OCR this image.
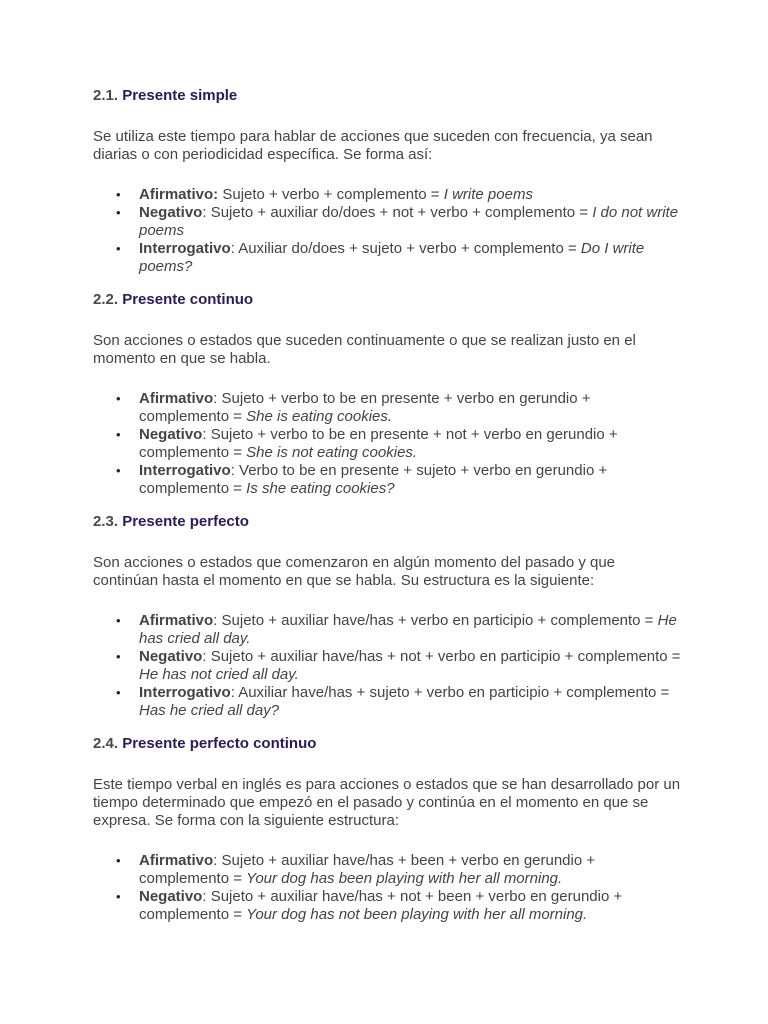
2.1. Presente simple

Se utiliza este tiempo para hablar de acciones que suceden con frecuencia, ya sean diarias o con periodicidad específica. Se forma así:

• Afirmativo: Sujeto + verbo + complemento = I write poems
• Negativo: Sujeto + auxiliar do/does + not + verbo + complemento = I do not write poems
• Interrogativo: Auxiliar do/does + sujeto + verbo + complemento = Do I write poems?

2.2. Presente continuo

Son acciones o estados que suceden continuamente o que se realizan justo en el momento en que se habla.

• Afirmativo: Sujeto + verbo to be en presente + verbo en gerundio + complemento = She is eating cookies.
• Negativo: Sujeto + verbo to be en presente + not + verbo en gerundio + complemento = She is not eating cookies.
• Interrogativo: Verbo to be en presente + sujeto + verbo en gerundio + complemento = Is she eating cookies?

2.3. Presente perfecto

Son acciones o estados que comenzaron en algún momento del pasado y que continúan hasta el momento en que se habla. Su estructura es la siguiente:

• Afirmativo: Sujeto + auxiliar have/has + verbo en participio + complemento = He has cried all day.
• Negativo: Sujeto + auxiliar have/has + not + verbo en participio + complemento = He has not cried all day.
• Interrogativo: Auxiliar have/has + sujeto + verbo en participio + complemento = Has he cried all day?

2.4. Presente perfecto continuo

Este tiempo verbal en inglés es para acciones o estados que se han desarrollado por un tiempo determinado que empezó en el pasado y continúa en el momento en que se expresa. Se forma con la siguiente estructura:

• Afirmativo: Sujeto + auxiliar have/has + been + verbo en gerundio + complemento = Your dog has been playing with her all morning.
• Negativo: Sujeto + auxiliar have/has + not + been + verbo en gerundio + complemento = Your dog has not been playing with her all morning.
